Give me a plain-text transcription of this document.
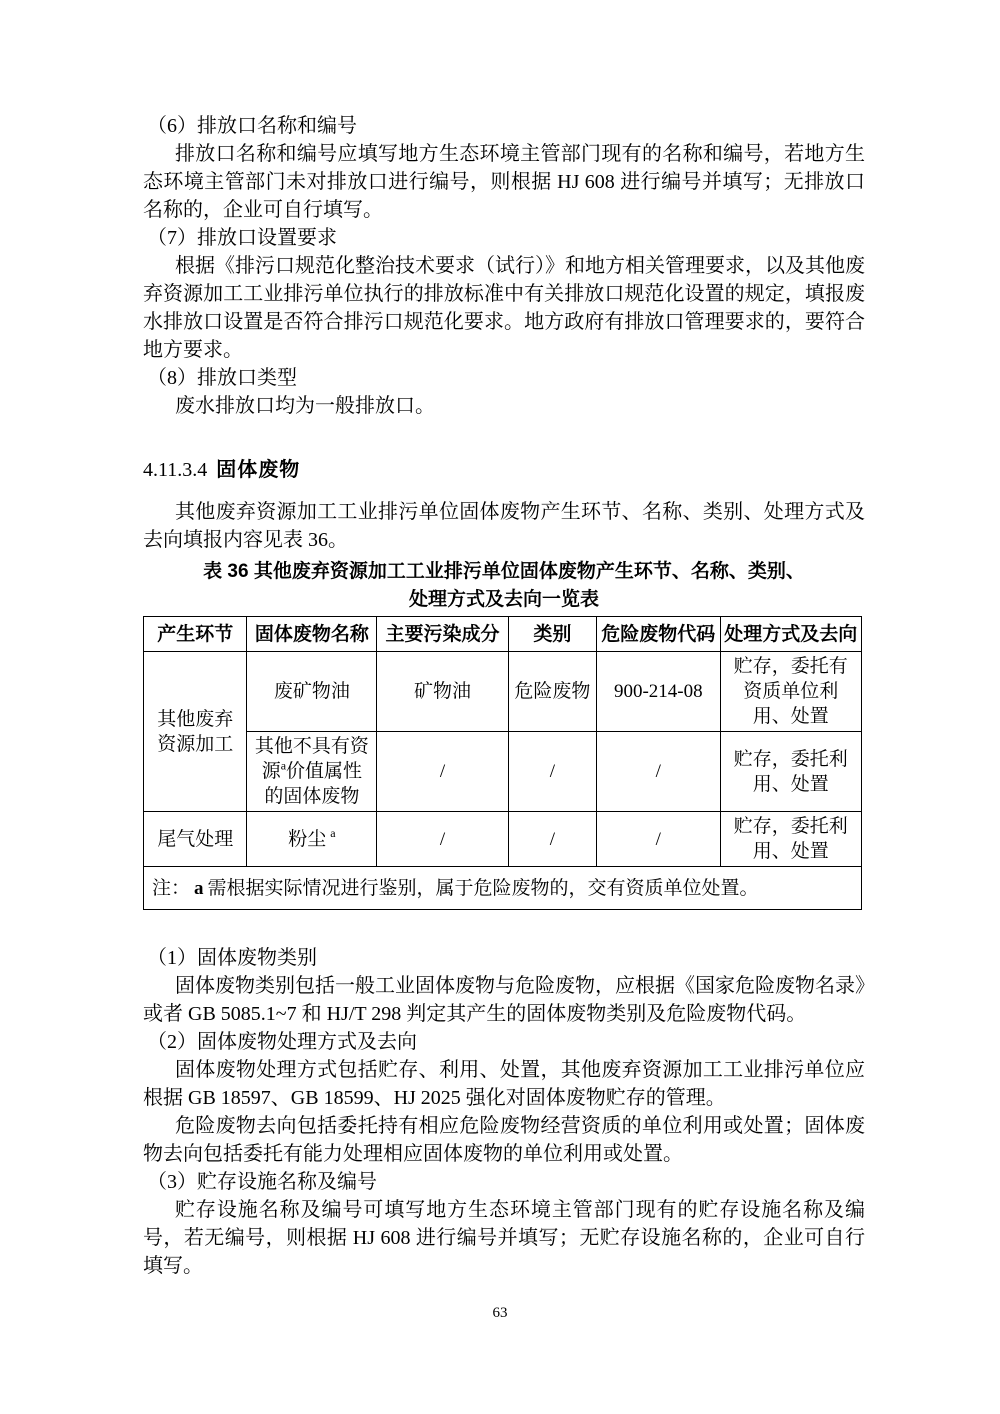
（6）排放口名称和编号

排放口名称和编号应填写地方生态环境主管部门现有的名称和编号，若地方生态环境主管部门未对排放口进行编号，则根据 HJ 608 进行编号并填写；无排放口名称的，企业可自行填写。

（7）排放口设置要求

根据《排污口规范化整治技术要求（试行）》和地方相关管理要求，以及其他废弃资源加工工业排污单位执行的排放标准中有关排放口规范化设置的规定，填报废水排放口设置是否符合排污口规范化要求。地方政府有排放口管理要求的，要符合地方要求。

（8）排放口类型

废水排放口均为一般排放口。

4.11.3.4 固体废物

其他废弃资源加工工业排污单位固体废物产生环节、名称、类别、处理方式及去向填报内容见表 36。

表 36 其他废弃资源加工工业排污单位固体废物产生环节、名称、类别、
处理方式及去向一览表
产生环节	固体废物名称	主要污染成分	类别	危险废物代码	处理方式及去向
其他废弃资源加工	废矿物油	矿物油	危险废物	900-214-08	贮存，委托有资质单位利用、处置
	其他不具有资源$^a$价值属性的固体废物	/	/	/	贮存，委托利用、处置
尾气处理	粉尘 $^a$	/	/	/	贮存，委托利用、处置
注： a 需根据实际情况进行鉴别，属于危险废物的，交有资质单位处置。					

（1）固体废物类别

固体废物类别包括一般工业固体废物与危险废物，应根据《国家危险废物名录》或者 GB 5085.1~7 和 HJ/T 298 判定其产生的固体废物类别及危险废物代码。

（2）固体废物处理方式及去向

固体废物处理方式包括贮存、利用、处置，其他废弃资源加工工业排污单位应根据 GB 18597、GB 18599、HJ 2025 强化对固体废物贮存的管理。

危险废物去向包括委托持有相应危险废物经营资质的单位利用或处置；固体废物去向包括委托有能力处理相应固体废物的单位利用或处置。

（3）贮存设施名称及编号

贮存设施名称及编号可填写地方生态环境主管部门现有的贮存设施名称及编号，若无编号，则根据 HJ 608 进行编号并填写；无贮存设施名称的，企业可自行填写。

63
